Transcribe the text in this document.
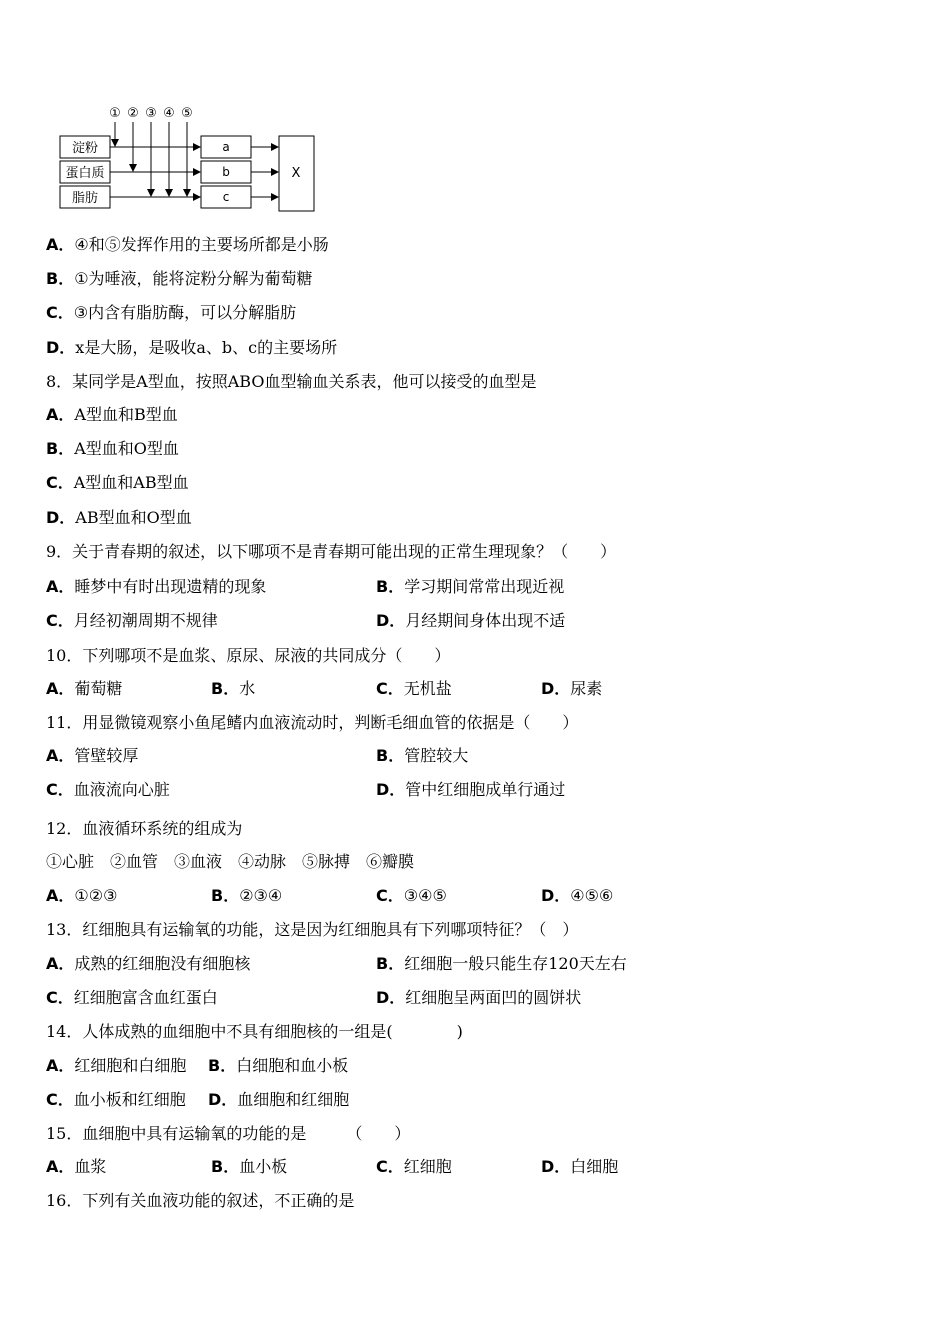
① ② ③ ④ ⑤
淀粉
蛋白质
脂肪
a
b
c
X
A．④和⑤发挥作用的主要场所都是小肠
B．①为唾液，能将淀粉分解为葡萄糖
C．③内含有脂肪酶，可以分解脂肪
D．x是大肠，是吸收a、b、c的主要场所
8．某同学是A型血，按照ABO血型输血关系表，他可以接受的血型是
A．A型血和B型血
B．A型血和O型血
C．A型血和AB型血
D．AB型血和O型血
9．关于青春期的叙述，以下哪项不是青春期可能出现的正常生理现象？（　　）
A．睡梦中有时出现遗精的现象	B．学习期间常常出现近视
C．月经初潮周期不规律	D．月经期间身体出现不适
10．下列哪项不是血浆、原尿、尿液的共同成分（　　）
A．葡萄糖	B．水	C．无机盐	D．尿素
11．用显微镜观察小鱼尾鳍内血液流动时，判断毛细血管的依据是（　　）
A．管壁较厚	B．管腔较大
C．血液流向心脏	D．管中红细胞成单行通过
12．血液循环系统的组成为
①心脏　②血管　③血液　④动脉　⑤脉搏　⑥瓣膜
A．①②③	B．②③④	C．③④⑤	D．④⑤⑥
13．红细胞具有运输氧的功能，这是因为红细胞具有下列哪项特征？（　）
A．成熟的红细胞没有细胞核	B．红细胞一般只能生存120天左右
C．红细胞富含血红蛋白	D．红细胞呈两面凹的圆饼状
14．人体成熟的血细胞中不具有细胞核的一组是(　　　　)
A．红细胞和白细胞 B．白细胞和血小板
C．血小板和红细胞 D．血细胞和红细胞
15．血细胞中具有运输氧的功能的是　　　（　　）
A．血浆	B．血小板	C．红细胞	D．白细胞
16．下列有关血液功能的叙述，不正确的是
